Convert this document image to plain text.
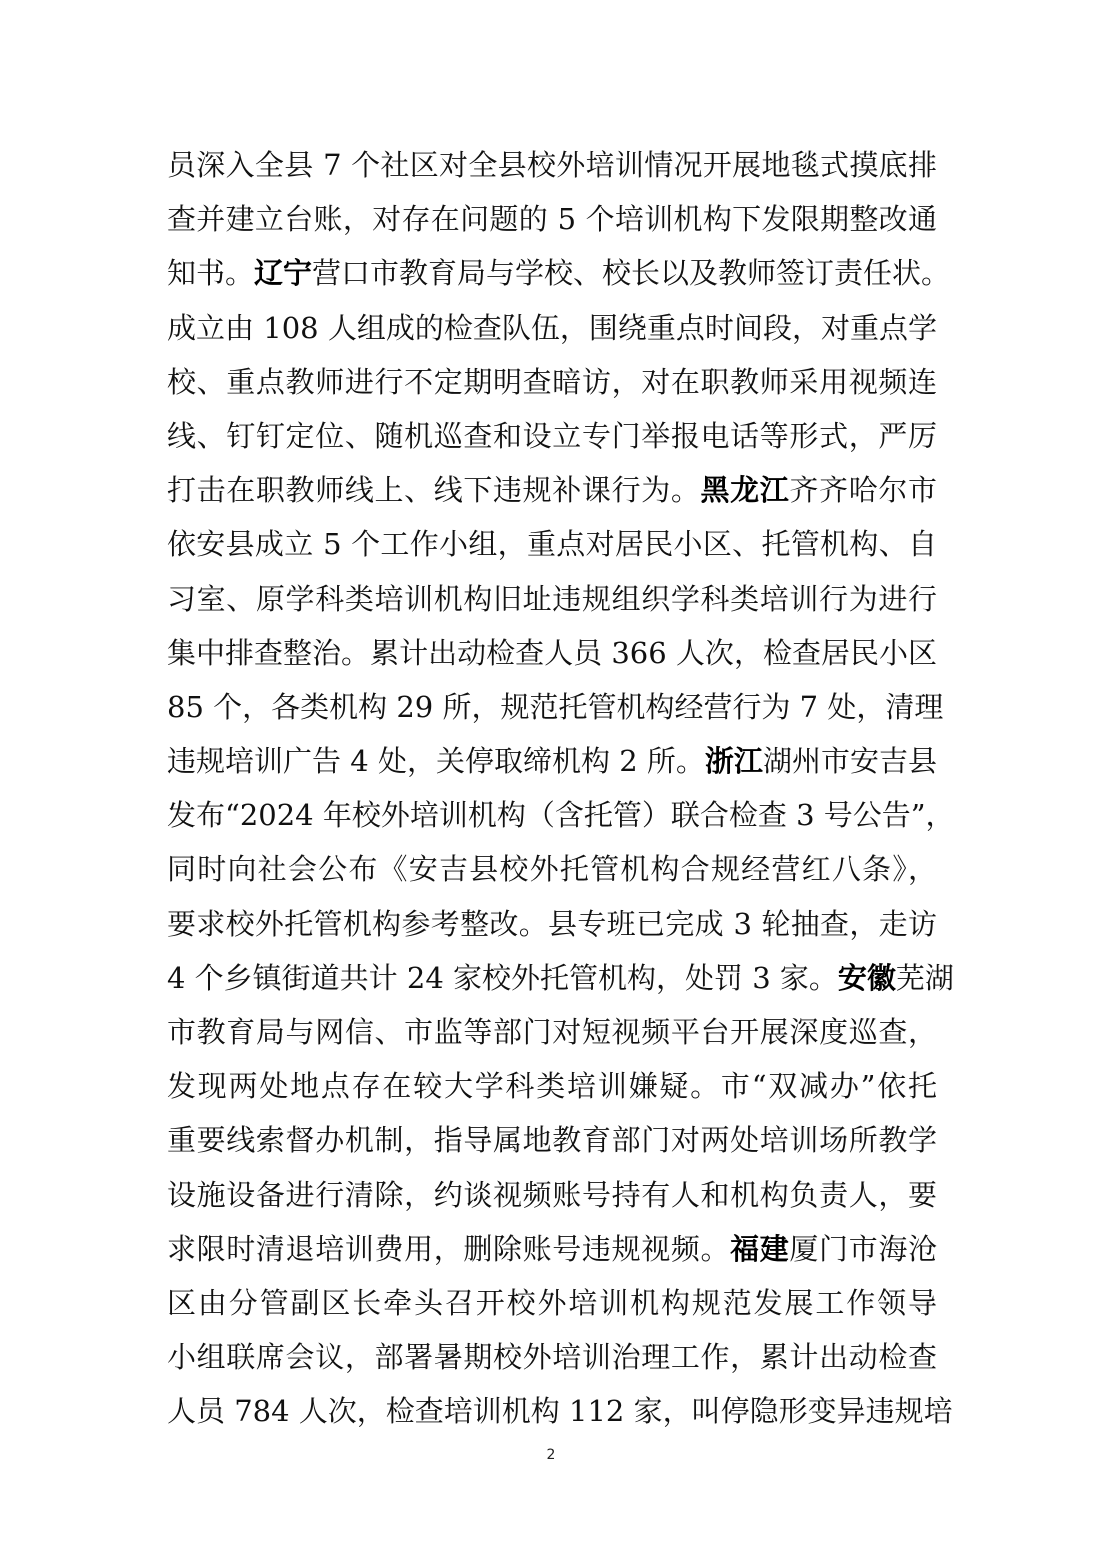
员深入全县 7 个社区对全县校外培训情况开展地毯式摸底排
查并建立台账，对存在问题的 5 个培训机构下发限期整改通
知书。辽宁营口市教育局与学校、校长以及教师签订责任状。
成立由 108 人组成的检查队伍，围绕重点时间段，对重点学
校、重点教师进行不定期明查暗访，对在职教师采用视频连
线、钉钉定位、随机巡查和设立专门举报电话等形式，严厉
打击在职教师线上、线下违规补课行为。黑龙江齐齐哈尔市
依安县成立 5 个工作小组，重点对居民小区、托管机构、自
习室、原学科类培训机构旧址违规组织学科类培训行为进行
集中排查整治。累计出动检查人员 366 人次，检查居民小区
85 个，各类机构 29 所，规范托管机构经营行为 7 处，清理
违规培训广告 4 处，关停取缔机构 2 所。浙江湖州市安吉县
发布“2024 年校外培训机构（含托管）联合检查 3 号公告”，
同时向社会公布《安吉县校外托管机构合规经营红八条》，
要求校外托管机构参考整改。县专班已完成 3 轮抽查，走访
4 个乡镇街道共计 24 家校外托管机构，处罚 3 家。安徽芜湖
市教育局与网信、市监等部门对短视频平台开展深度巡查，
发现两处地点存在较大学科类培训嫌疑。市“双减办”依托
重要线索督办机制，指导属地教育部门对两处培训场所教学
设施设备进行清除，约谈视频账号持有人和机构负责人，要
求限时清退培训费用，删除账号违规视频。福建厦门市海沧
区由分管副区长牵头召开校外培训机构规范发展工作领导
小组联席会议，部署暑期校外培训治理工作，累计出动检查
人员 784 人次，检查培训机构 112 家，叫停隐形变异违规培
2
